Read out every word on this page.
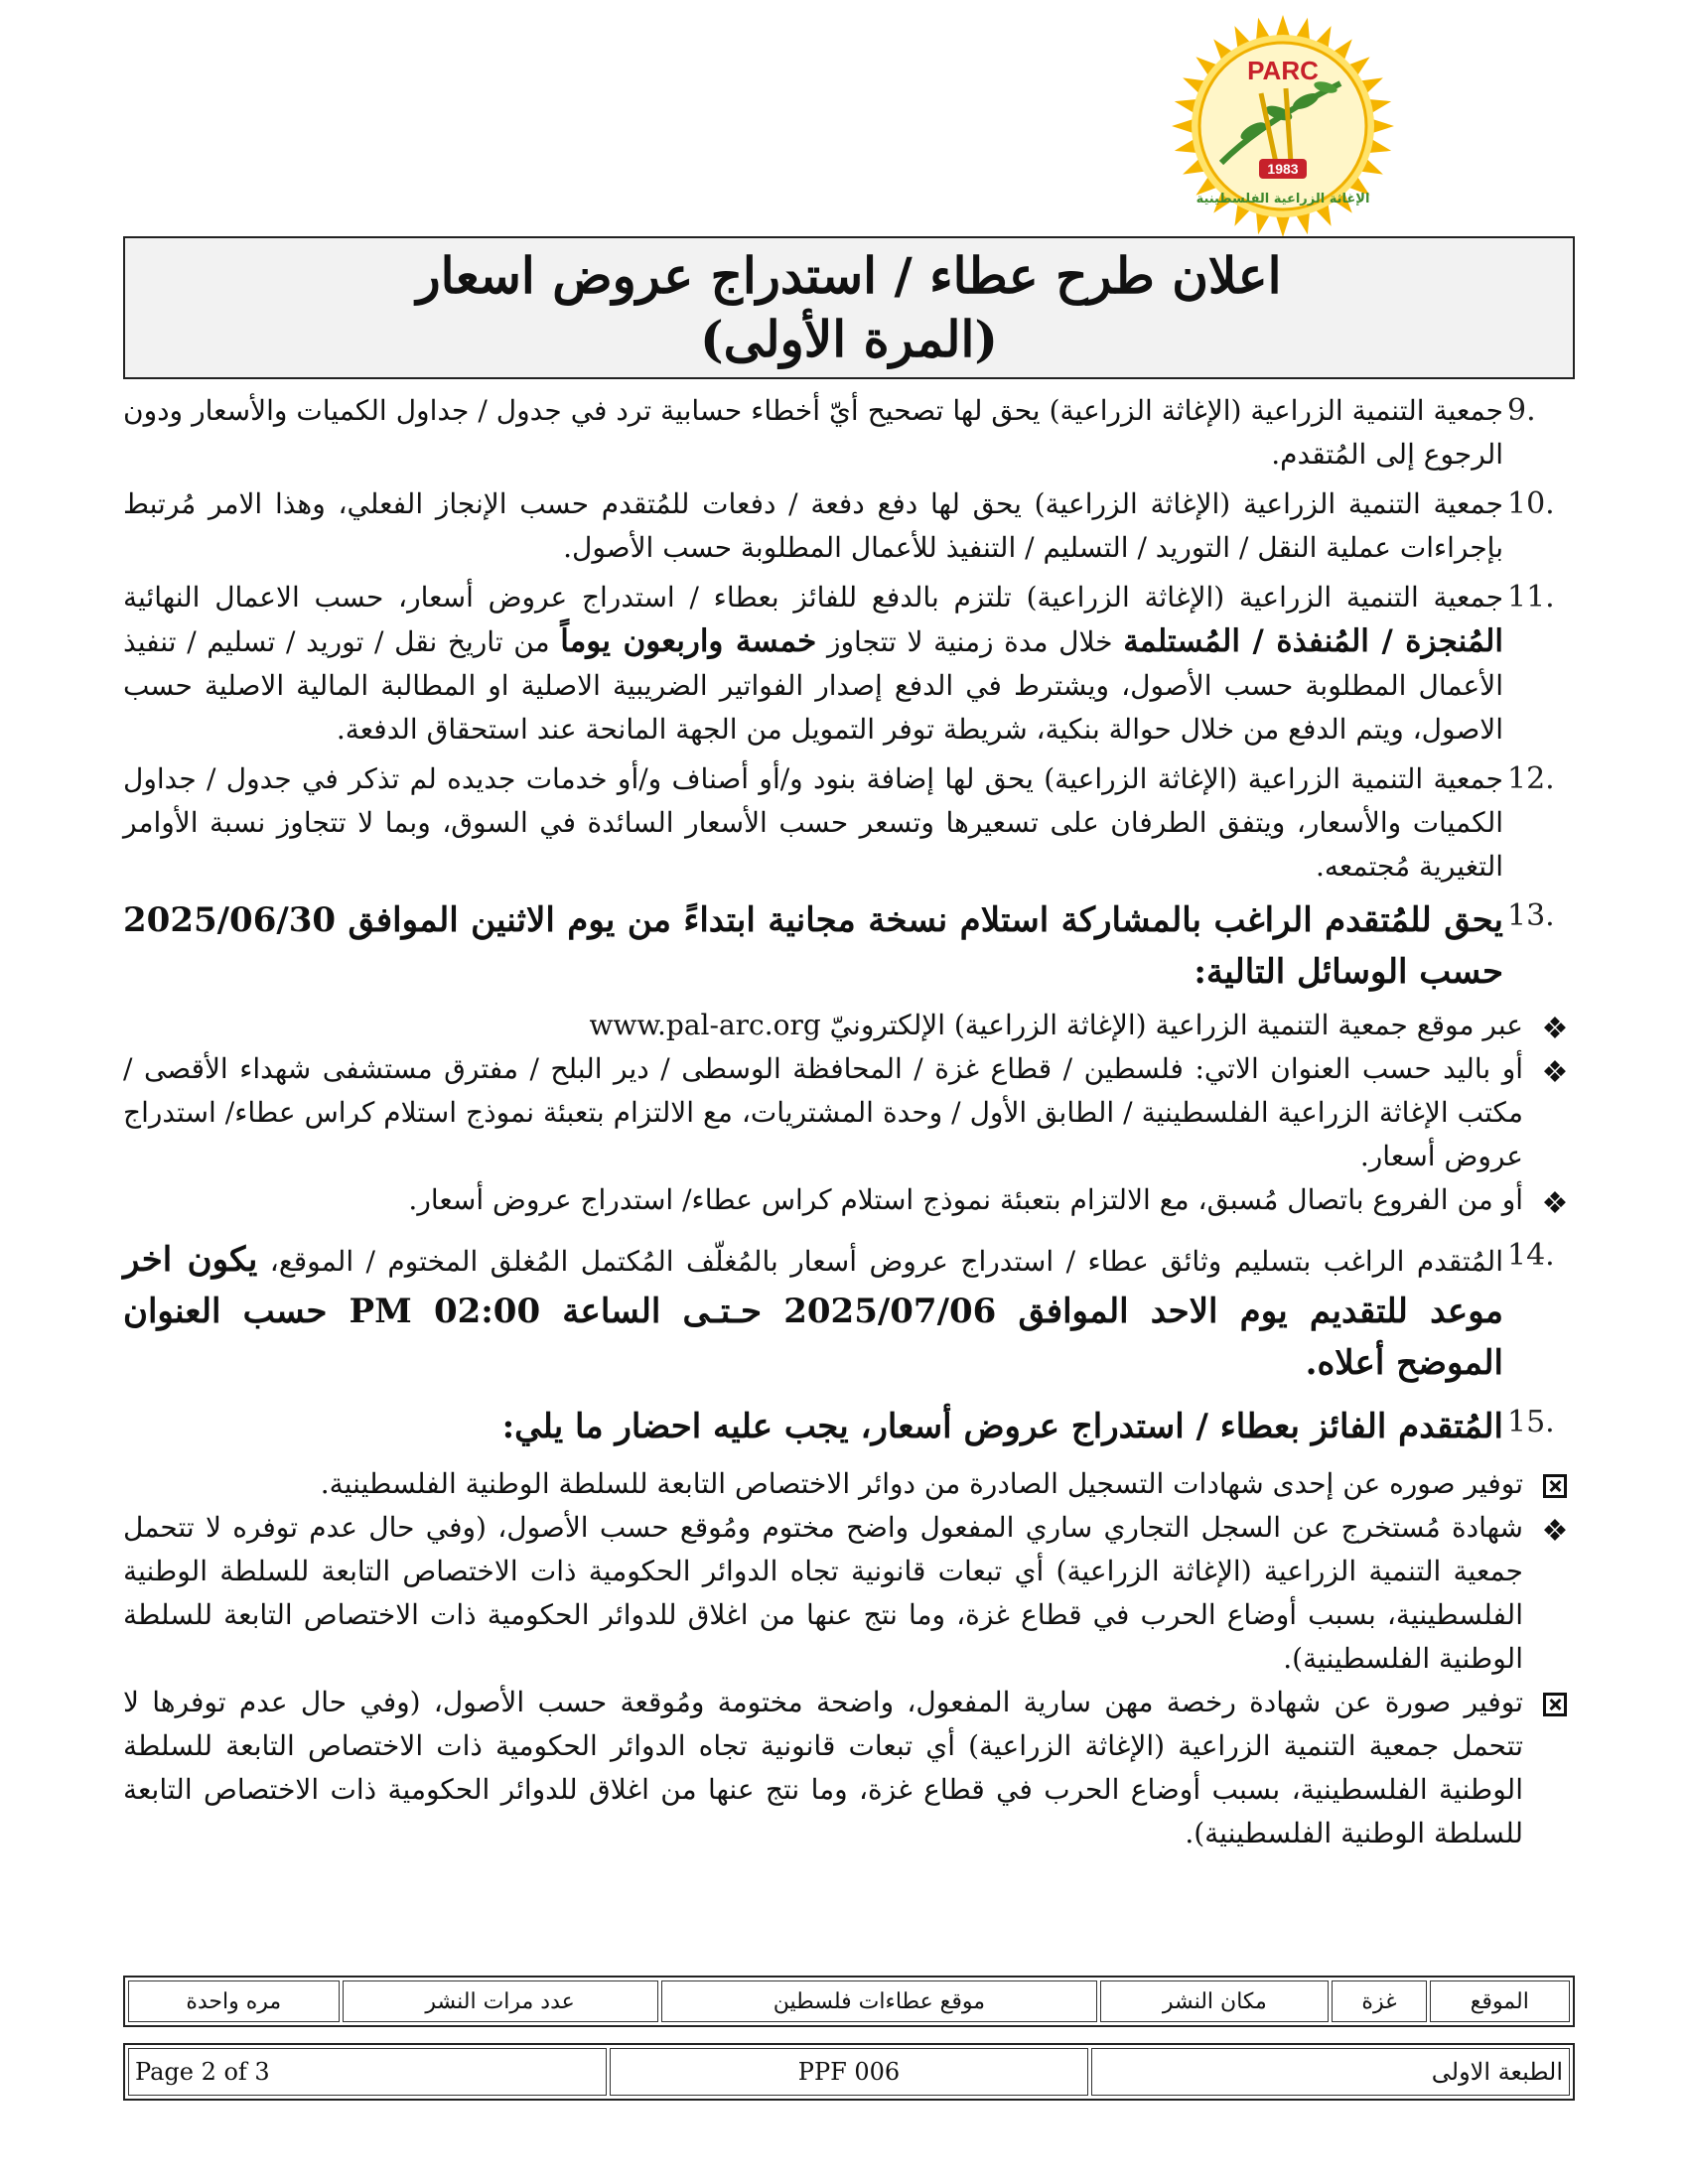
PARC
1983
الإغاثة الزراعية الفلسطينية
اعلان طرح عطاء / استدراج عروض اسعار
(المرة الأولى)
9.
جمعية التنمية الزراعية (الإغاثة الزراعية) يحق لها تصحيح أيّ أخطاء حسابية ترد في جدول / جداول الكميات والأسعار ودون الرجوع إلى المُتقدم.
10.
جمعية التنمية الزراعية (الإغاثة الزراعية) يحق لها دفع دفعة / دفعات للمُتقدم حسب الإنجاز الفعلي، وهذا الامر مُرتبط بإجراءات عملية النقل / التوريد / التسليم / التنفيذ للأعمال المطلوبة حسب الأصول.
11.
جمعية التنمية الزراعية (الإغاثة الزراعية) تلتزم بالدفع للفائز بعطاء / استدراج عروض أسعار، حسب الاعمال النهائية المُنجزة / المُنفذة / المُستلمة خلال مدة زمنية لا تتجاوز خمسة واربعون يوماً من تاريخ نقل / توريد / تسليم / تنفيذ الأعمال المطلوبة حسب الأصول، ويشترط في الدفع إصدار الفواتير الضريبية الاصلية او المطالبة المالية الاصلية حسب الاصول، ويتم الدفع من خلال حوالة بنكية، شريطة توفر التمويل من الجهة المانحة عند استحقاق الدفعة.
12.
جمعية التنمية الزراعية (الإغاثة الزراعية) يحق لها إضافة بنود و/أو أصناف و/أو خدمات جديده لم تذكر في جدول / جداول الكميات والأسعار، ويتفق الطرفان على تسعيرها وتسعر حسب الأسعار السائدة في السوق، وبما لا تتجاوز نسبة الأوامر التغيرية مُجتمعه.
13.
يحق للمُتقدم الراغب بالمشاركة استلام نسخة مجانية ابتداءً من يوم الاثنين الموافق 2025/06/30 حسب الوسائل التالية:
❖
عبر موقع جمعية التنمية الزراعية (الإغاثة الزراعية) الإلكترونيّ www.pal-arc.org
❖
أو باليد حسب العنوان الاتي: فلسطين / قطاع غزة / المحافظة الوسطى / دير البلح / مفترق مستشفى شهداء الأقصى / مكتب الإغاثة الزراعية الفلسطينية / الطابق الأول / وحدة المشتريات، مع الالتزام بتعبئة نموذج استلام كراس عطاء/ استدراج عروض أسعار.
❖
أو من الفروع باتصال مُسبق، مع الالتزام بتعبئة نموذج استلام كراس عطاء/ استدراج عروض أسعار.
14.
المُتقدم الراغب بتسليم وثائق عطاء / استدراج عروض أسعار بالمُغلّف المُكتمل المُغلق المختوم / الموقع، يكون اخر موعد للتقديم يوم الاحد الموافق 2025/07/06 حـتـى الساعة 02:00 PM حسب العنوان الموضح أعلاه.
15.
المُتقدم الفائز بعطاء / استدراج عروض أسعار، يجب عليه احضار ما يلي:
توفير صوره عن إحدى شهادات التسجيل الصادرة من دوائر الاختصاص التابعة للسلطة الوطنية الفلسطينية.
❖
شهادة مُستخرج عن السجل التجاري ساري المفعول واضح مختوم ومُوقع حسب الأصول، (وفي حال عدم توفره لا تتحمل جمعية التنمية الزراعية (الإغاثة الزراعية) أي تبعات قانونية تجاه الدوائر الحكومية ذات الاختصاص التابعة للسلطة الوطنية الفلسطينية، بسبب أوضاع الحرب في قطاع غزة، وما نتج عنها من اغلاق للدوائر الحكومية ذات الاختصاص التابعة للسلطة الوطنية الفلسطينية).
توفير صورة عن شهادة رخصة مهن سارية المفعول، واضحة مختومة ومُوقعة حسب الأصول، (وفي حال عدم توفرها لا تتحمل جمعية التنمية الزراعية (الإغاثة الزراعية) أي تبعات قانونية تجاه الدوائر الحكومية ذات الاختصاص التابعة للسلطة الوطنية الفلسطينية، بسبب أوضاع الحرب في قطاع غزة، وما نتج عنها من اغلاق للدوائر الحكومية ذات الاختصاص التابعة للسلطة الوطنية الفلسطينية).
الموقع	غزة	مكان النشر	موقع عطاءات فلسطين	عدد مرات النشر	مره واحدة
الطبعة الاولى	PPF 006	Page 2 of 3
